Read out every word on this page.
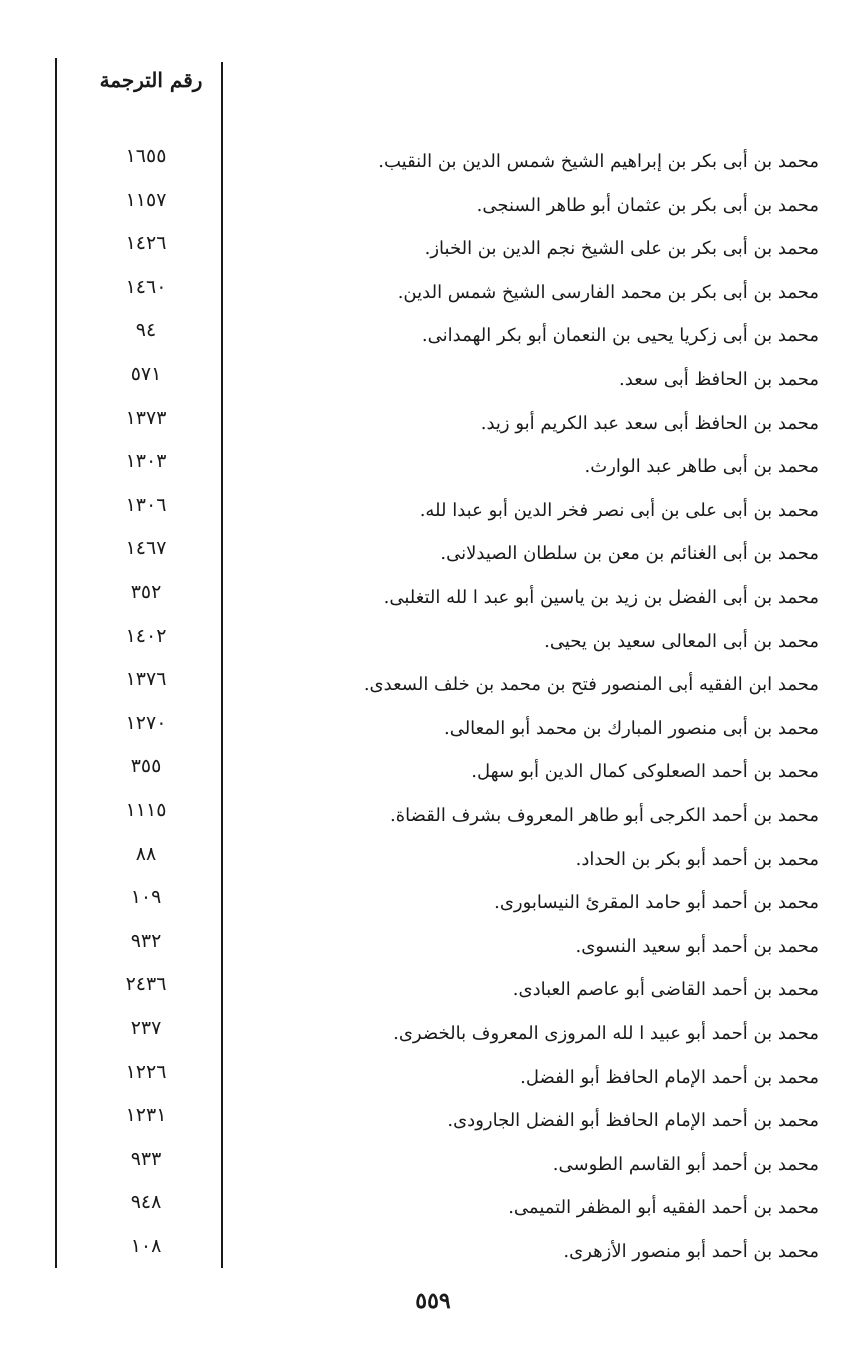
رقم الترجمة
محمد بن أبى بكر بن إبراهيم الشيخ شمس الدين بن النقيب.
١٦٥٥
محمد بن أبى بكر بن عثمان أبو طاهر السنجى.
١١٥٧
محمد بن أبى بكر بن على الشيخ نجم الدين بن الخباز.
١٤٢٦
محمد بن أبى بكر بن محمد الفارسى الشيخ شمس الدين.
١٤٦٠
محمد بن أبى زكريا يحيى بن النعمان أبو بكر الهمدانى.
٩٤
محمد بن الحافظ أبى سعد.
٥٧١
محمد بن الحافظ أبى سعد عبد الكريم أبو زيد.
١٣٧٣
محمد بن أبى طاهر عبد الوارث.
١٣٠٣
محمد بن أبى على بن أبى نصر فخر الدين أبو عبدا لله.
١٣٠٦
محمد بن أبى الغنائم بن معن بن سلطان الصيدلانى.
١٤٦٧
محمد بن أبى الفضل بن زيد بن ياسين أبو عبد ا لله التغلبى.
٣٥٢
محمد بن أبى المعالى سعيد بن يحيى.
١٤٠٢
محمد ابن الفقيه أبى المنصور فتح بن محمد بن خلف السعدى.
١٣٧٦
محمد بن أبى منصور المبارك بن محمد أبو المعالى.
١٢٧٠
محمد بن أحمد الصعلوكى كمال الدين أبو سهل.
٣٥٥
محمد بن أحمد الكرجى أبو طاهر المعروف بشرف القضاة.
١١١٥
محمد بن أحمد أبو بكر بن الحداد.
٨٨
محمد بن أحمد أبو حامد المقرئ النيسابورى.
١٠٩
محمد بن أحمد أبو سعيد النسوى.
٩٣٢
محمد بن أحمد القاضى أبو عاصم العبادى.
٢٤٣٦
محمد بن أحمد أبو عبيد ا لله المروزى المعروف بالخضرى.
٢٣٧
محمد بن أحمد الإمام الحافظ أبو الفضل.
١٢٢٦
محمد بن أحمد الإمام الحافظ أبو الفضل الجارودى.
١٢٣١
محمد بن أحمد أبو القاسم الطوسى.
٩٣٣
محمد بن أحمد الفقيه أبو المظفر التميمى.
٩٤٨
محمد بن أحمد أبو منصور الأزهرى.
١٠٨
٥٥٩
